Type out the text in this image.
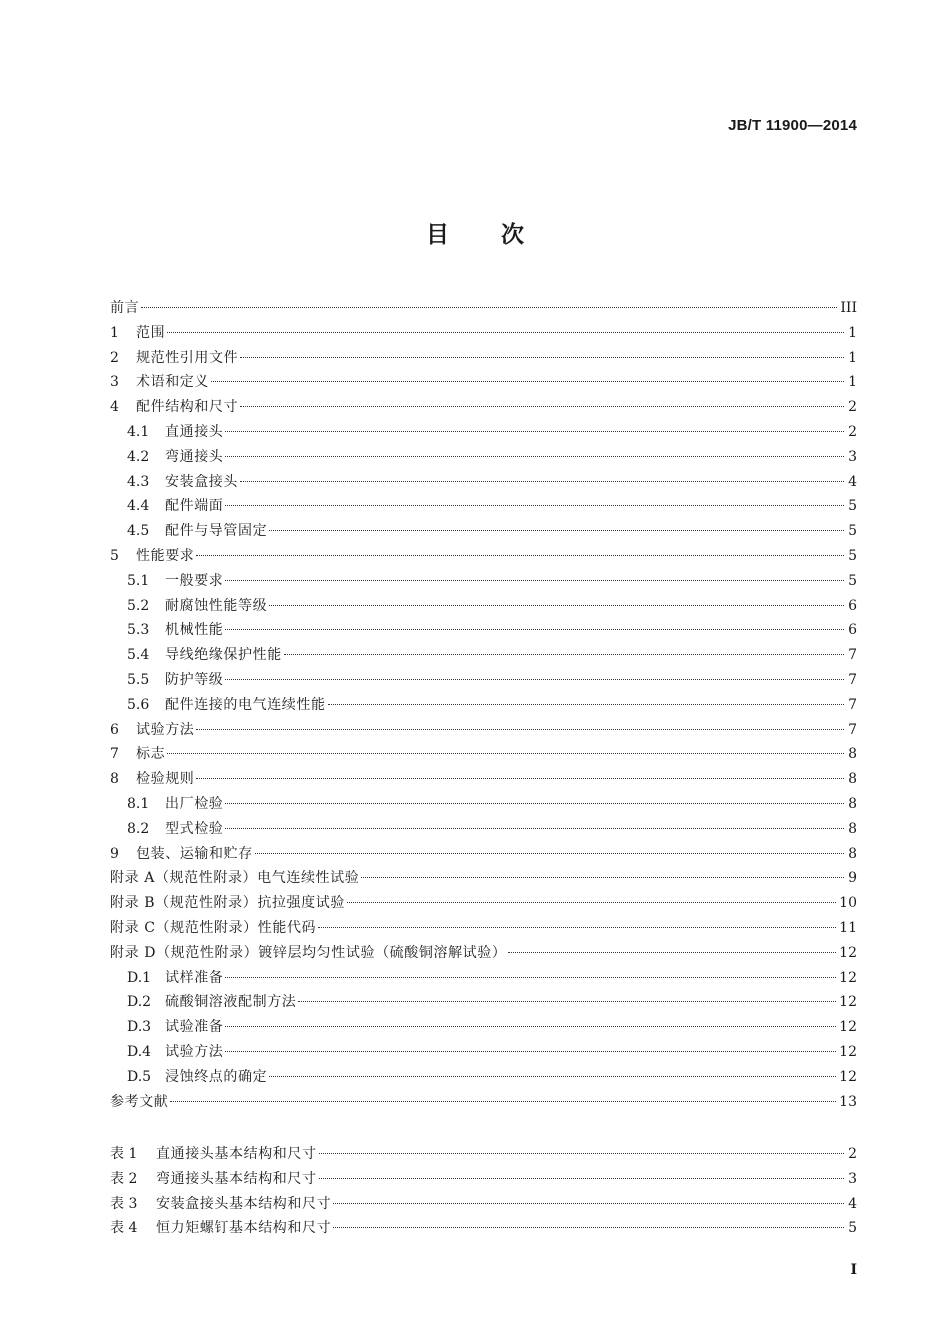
JB/T 11900—2014
目次
前言	III
1	范围	1
2	规范性引用文件	1
3	术语和定义	1
4	配件结构和尺寸	2
4.1	直通接头	2
4.2	弯通接头	3
4.3	安装盒接头	4
4.4	配件端面	5
4.5	配件与导管固定	5
5	性能要求	5
5.1	一般要求	5
5.2	耐腐蚀性能等级	6
5.3	机械性能	6
5.4	导线绝缘保护性能	7
5.5	防护等级	7
5.6	配件连接的电气连续性能	7
6	试验方法	7
7	标志	8
8	检验规则	8
8.1	出厂检验	8
8.2	型式检验	8
9	包装、运输和贮存	8
附录 A（规范性附录）电气连续性试验	9
附录 B（规范性附录）抗拉强度试验	10
附录 C（规范性附录）性能代码	11
附录 D（规范性附录）镀锌层均匀性试验（硫酸铜溶解试验）	12
D.1 试样准备	12
D.2 硫酸铜溶液配制方法	12
D.3 试验准备	12
D.4 试验方法	12
D.5 浸蚀终点的确定	12
参考文献	13
表 1	直通接头基本结构和尺寸	2
表 2	弯通接头基本结构和尺寸	3
表 3	安装盒接头基本结构和尺寸	4
表 4	恒力矩螺钉基本结构和尺寸	5
I
